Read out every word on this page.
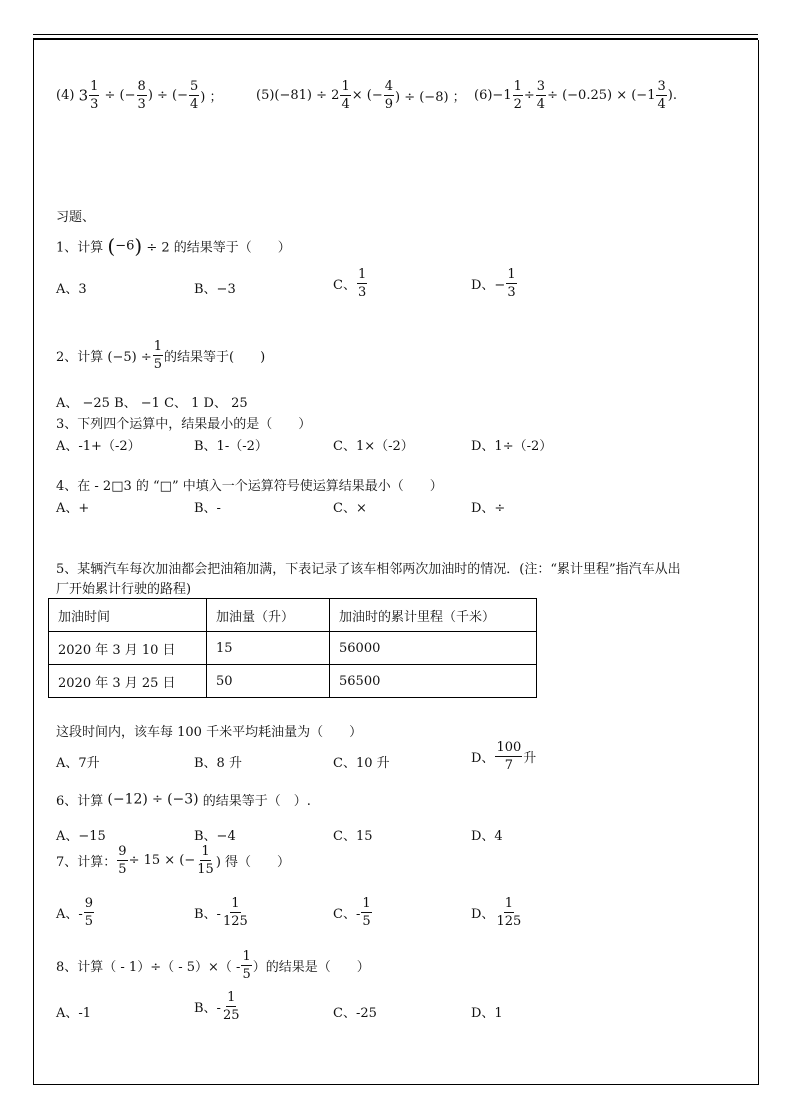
(4) $3 \frac{1}{3}$ ÷ (− $\frac{8}{3}$ ) ÷ (− $\frac{5}{4}$ ) ；	$(5)(-81) \div 2 \frac{1}{4}$ × (− $\frac{4}{9}$ ) ÷ (−8) ； $(6)-1 \frac{1}{2} \div \frac{3}{4} \div (-0.25) \times (-1 \frac{3}{4}$ ).
习题、
1、计算 (−6) ÷ 2 的结果等于（　　）
A、3	B、−3	C、 $\frac{1}{3}$	D、− $\frac{1}{3}$
2、计算 $(-5) \div \frac{1}{5}$ 的结果等于(　　)
A、 −25 B、 −1 C、 1 D、 25
3、下列四个运算中，结果最小的是（　　）
A、-1+（-2）	B、1-（-2）	C、1×（-2）	D、1÷（-2）
4、在 - 2□3 的 “□” 中填入一个运算符号使运算结果最小（　　）
A、+	B、-	C、×	D、÷
5、某辆汽车每次加油都会把油箱加满，下表记录了该车相邻两次加油时的情况．(注：“累计里程”指汽车从出
厂开始累计行驶的路程)
加油时间	加油量（升）	加油时的累计里程（千米）
2020 年 3 月 10 日	15	56000
2020 年 3 月 25 日	50	56500
这段时间内，该车每 100 千米平均耗油量为（　　）
A、7升	B、8 升	C、10 升	D、 $\frac{100}{7}$ 升
6、计算 (−12) ÷ (−3) 的结果等于（　）.
A、−15	B、−4	C、15	D、4
7、计算： $\frac{9}{5} \div 15$ × (− $\frac{1}{15}$ ) 得（　　）
A、- $\frac{9}{5}$	B、- $\frac{1}{125}$	C、- $\frac{1}{5}$	D、 $\frac{1}{125}$
8、计算（ - $1)\div( - 5)\times( - \frac{1}{5}$ ）的结果是（　　）
A、-1	B、- $\frac{1}{25}$	C、-25	D、1
